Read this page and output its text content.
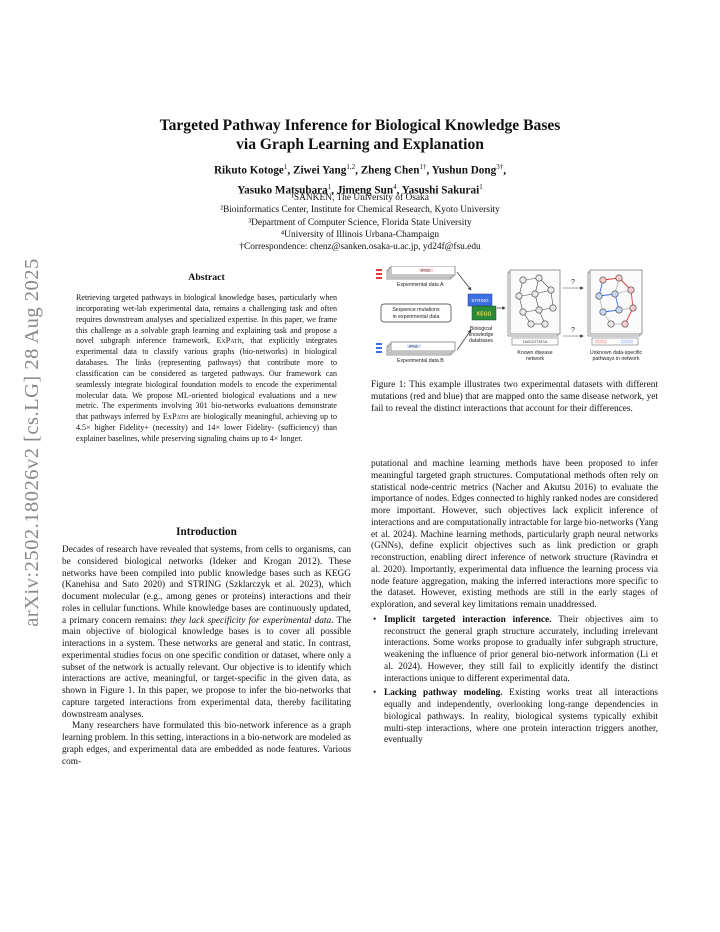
arXiv:2502.18026v2 [cs.LG] 28 Aug 2025
Targeted Pathway Inference for Biological Knowledge Bases
via Graph Learning and Explanation
Rikuto Kotoge$^1$, Ziwei Yang$^{1,2}$, Zheng Chen$^{1\dagger}$, Yushun Dong$^{3\dagger}$,
Yasuko Matsubara$^1$, Jimeng Sun$^4$, Yasushi Sakurai$^1$
¹SANKEN, The University of Osaka
²Bioinformatics Center, Institute for Chemical Research, Kyoto University
³Department of Computer Science, Florida State University
⁴University of Illinois Urbana-Champaign
†Correspondence: chenz@sanken.osaka-u.ac.jp, yd24f@fsu.edu
Abstract
Retrieving targeted pathways in biological knowledge bases, particularly when incorporating wet-lab experimental data, remains a challenging task and often requires downstream analyses and specialized expertise. In this paper, we frame this challenge as a solvable graph learning and explaining task and propose a novel subgraph inference framework, ExPath, that explicitly integrates experimental data to classify various graphs (bio-networks) in biological databases. The links (representing pathways) that contribute more to classification can be considered as targeted pathways. Our framework can seamlessly integrate biological foundation models to encode the experimental molecular data. We propose ML-oriented biological evaluations and a new metric. The experiments involving 301 bio-networks evaluations demonstrate that pathways inferred by ExPath are biologically meaningful, achieving up to 4.5× higher Fidelity+ (necessity) and 14× lower Fidelity- (sufficiency) than explainer baselines, while preserving signaling chains up to 4× longer.
Introduction

Decades of research have revealed that systems, from cells to organisms, can be considered biological networks (Ideker and Krogan 2012). These networks have been compiled into public knowledge bases such as KEGG (Kanehisa and Sato 2020) and STRING (Szklarczyk et al. 2023), which document molecular (e.g., among genes or proteins) interactions and their roles in cellular functions. While knowledge bases are continuously updated, a primary concern remains: they lack specificity for experimental data. The main objective of biological knowledge bases is to cover all possible interactions in a system. These networks are general and static. In contrast, experimental studies focus on one specific condition or dataset, where only a subset of the network is actually relevant. Our objective is to identify which interactions are active, meaningful, or target-specific in the given data, as shown in Figure 1. In this paper, we propose to infer the bio-networks that capture targeted interactions from experimental data, thereby facilitating downstream analyses.

Many researchers have formulated this bio-network inference as a graph learning problem. In this setting, interactions in a bio-network are modeled as graph edges, and experimental data are embedded as node features. Various com-

ATGC
Experimental data A
Sequence mutations
in experimental data
ATGC
Experimental data B
STRING
KEGG
Biological
knowledge
databases	TAGCGTTATCA
Known disease
network
?
?
Unknown data-specific
pathways in network
Figure 1: This example illustrates two experimental datasets with different mutations (red and blue) that are mapped onto the same disease network, yet fail to reveal the distinct interactions that account for their differences.

putational and machine learning methods have been proposed to infer meaningful targeted graph structures. Computational methods often rely on statistical node-centric metrics (Nacher and Akutsu 2016) to evaluate the importance of nodes. Edges connected to highly ranked nodes are considered more important. However, such objectives lack explicit inference of interactions and are computationally intractable for large bio-networks (Yang et al. 2024). Machine learning methods, particularly graph neural networks (GNNs), define explicit objectives such as link prediction or graph reconstruction, enabling direct inference of network structure (Ravindra et al. 2020). Importantly, experimental data influence the learning process via node feature aggregation, making the inferred interactions more specific to the dataset. However, existing methods are still in the early stages of exploration, and several key limitations remain unaddressed.

• Implicit targeted interaction inference. Their objectives aim to reconstruct the general graph structure accurately, including irrelevant interactions. Some works propose to gradually infer subgraph structure, weakening the influence of prior general bio-network information (Li et al. 2024). However, they still fail to explicitly identify the distinct interactions unique to different experimental data.
• Lacking pathway modeling. Existing works treat all interactions equally and independently, overlooking long-range dependencies in biological pathways. In reality, biological systems typically exhibit multi-step interactions, where one protein interaction triggers another, eventually
